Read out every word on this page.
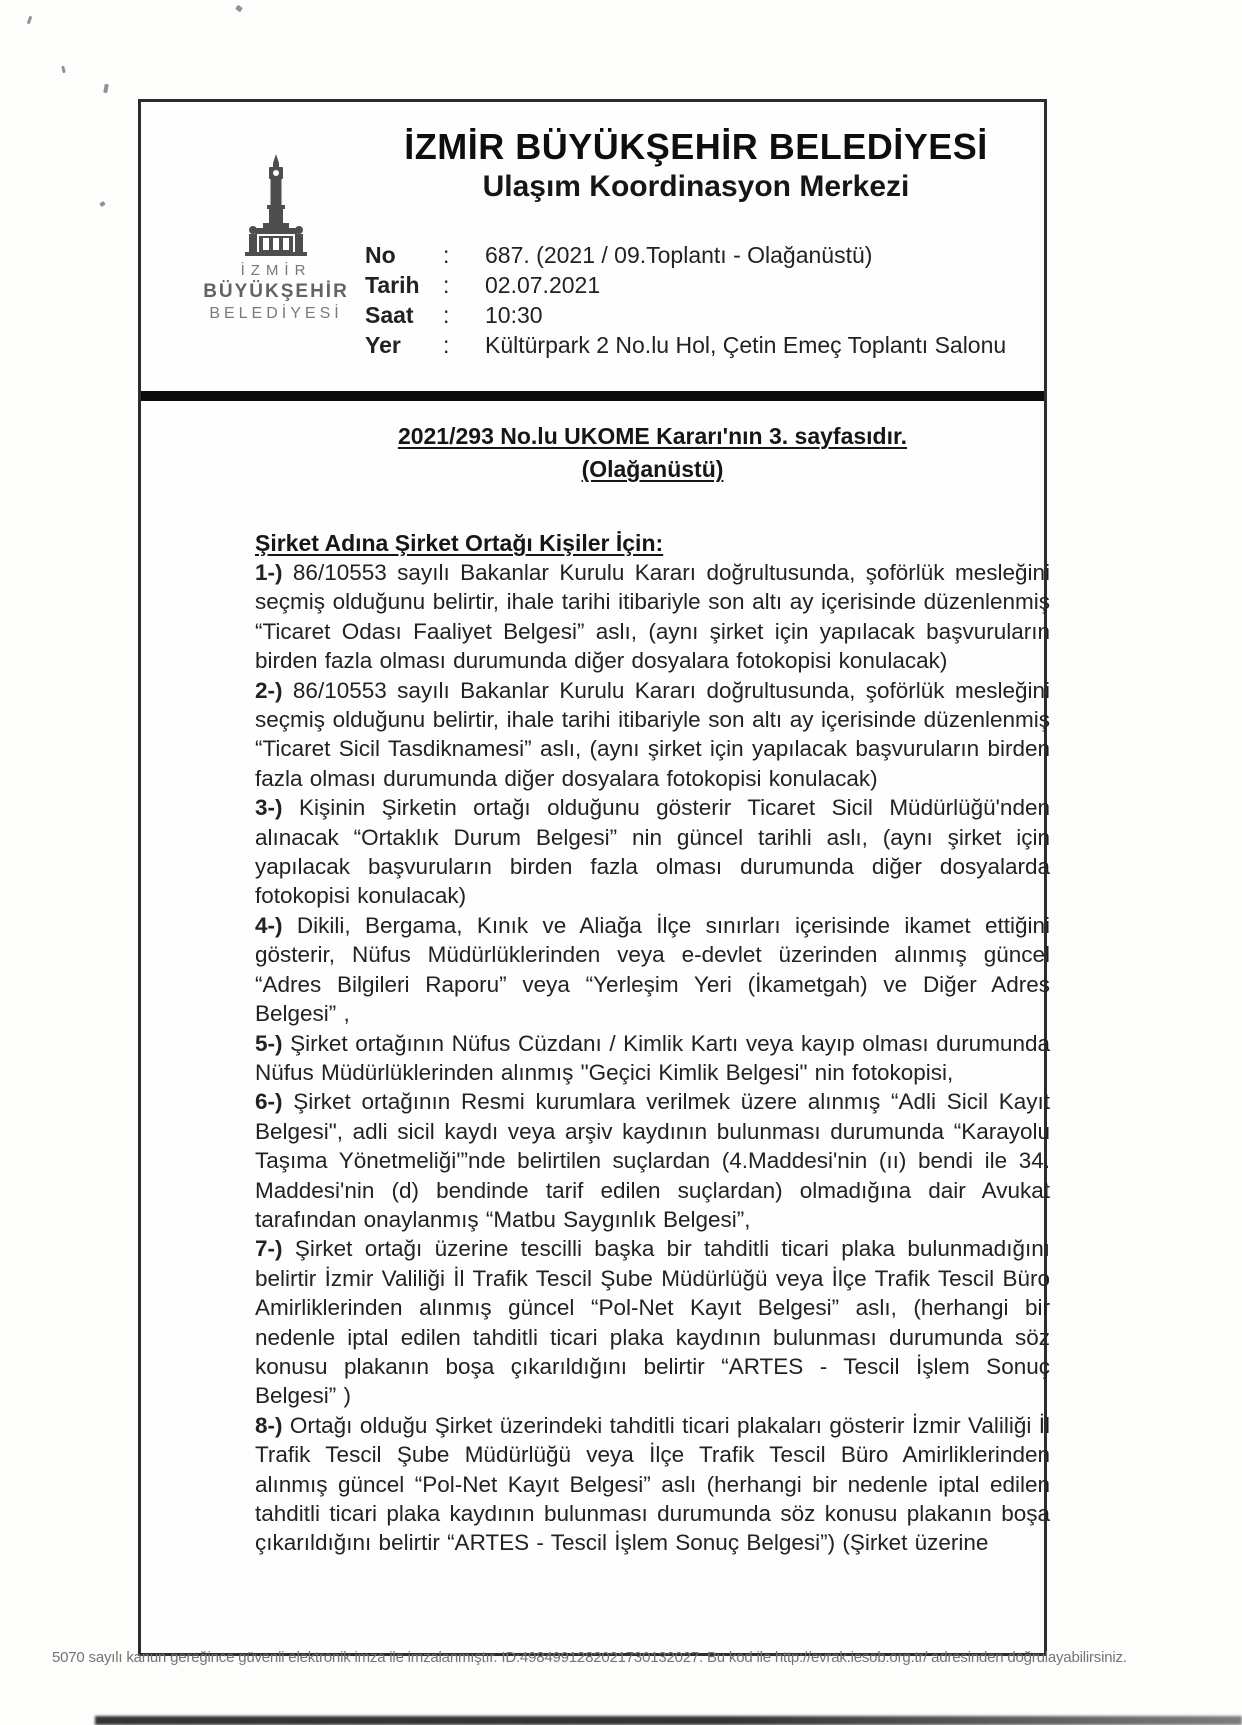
İZMİR
BÜYÜKŞEHİR
BELEDİYESİ
İZMİR BÜYÜKŞEHİR BELEDİYESİ
Ulaşım Koordinasyon Merkezi
No	:	687. (2021 / 09.Toplantı - Olağanüstü)
Tarih	:	02.07.2021
Saat	:	10:30
Yer	:	Kültürpark 2 No.lu Hol, Çetin Emeç Toplantı Salonu
2021/293 No.lu UKOME Kararı'nın 3. sayfasıdır.
(Olağanüstü)
Şirket Adına Şirket Ortağı Kişiler İçin:

1-) 86/10553 sayılı Bakanlar Kurulu Kararı doğrultusunda, şoförlük mesleğini seçmiş olduğunu belirtir, ihale tarihi itibariyle son altı ay içerisinde düzenlenmiş “Ticaret Odası Faaliyet Belgesi” aslı, (aynı şirket için yapılacak başvuruların birden fazla olması durumunda diğer dosyalara fotokopisi konulacak)

2-) 86/10553 sayılı Bakanlar Kurulu Kararı doğrultusunda, şoförlük mesleğini seçmiş olduğunu belirtir, ihale tarihi itibariyle son altı ay içerisinde düzenlenmiş “Ticaret Sicil Tasdiknamesi” aslı, (aynı şirket için yapılacak başvuruların birden fazla olması durumunda diğer dosyalara fotokopisi konulacak)

3-) Kişinin Şirketin ortağı olduğunu gösterir Ticaret Sicil Müdürlüğü'nden alınacak “Ortaklık Durum Belgesi” nin güncel tarihli aslı, (aynı şirket için yapılacak başvuruların birden fazla olması durumunda diğer dosyalarda fotokopisi konulacak)

4-) Dikili, Bergama, Kınık ve Aliağa İlçe sınırları içerisinde ikamet ettiğini gösterir, Nüfus Müdürlüklerinden veya e-devlet üzerinden alınmış güncel “Adres Bilgileri Raporu” veya “Yerleşim Yeri (İkametgah) ve Diğer Adres Belgesi” ,

5-) Şirket ortağının Nüfus Cüzdanı / Kimlik Kartı veya kayıp olması durumunda Nüfus Müdürlüklerinden alınmış "Geçici Kimlik Belgesi" nin fotokopisi,

6-) Şirket ortağının Resmi kurumlara verilmek üzere alınmış “Adli Sicil Kayıt Belgesi", adli sicil kaydı veya arşiv kaydının bulunması durumunda “Karayolu Taşıma Yönetmeliği'”nde belirtilen suçlardan (4.Maddesi'nin (ıı) bendi ile 34. Maddesi'nin (d) bendinde tarif edilen suçlardan) olmadığına dair Avukat tarafından onaylanmış “Matbu Saygınlık Belgesi”,

7-) Şirket ortağı üzerine tescilli başka bir tahditli ticari plaka bulunmadığını belirtir İzmir Valiliği İl Trafik Tescil Şube Müdürlüğü veya İlçe Trafik Tescil Büro Amirliklerinden alınmış güncel “Pol-Net Kayıt Belgesi” aslı, (herhangi bir nedenle iptal edilen tahditli ticari plaka kaydının bulunması durumunda söz konusu plakanın boşa çıkarıldığını belirtir “ARTES - Tescil İşlem Sonuç Belgesi” )

8-) Ortağı olduğu Şirket üzerindeki tahditli ticari plakaları gösterir İzmir Valiliği İl Trafik Tescil Şube Müdürlüğü veya İlçe Trafik Tescil Büro Amirliklerinden alınmış güncel “Pol-Net Kayıt Belgesi” aslı (herhangi bir nedenle iptal edilen tahditli ticari plaka kaydının bulunması durumunda söz konusu plakanın boşa çıkarıldığını belirtir “ARTES - Tescil İşlem Sonuç Belgesi”) (Şirket üzerine

5070 sayılı kanun gereğince güvenli elektronik imza ile imzalanmıştır. ID:4984991282021730132027. Bu kod ile http://evrak.iesob.org.tr/ adresinden doğrulayabilirsiniz.
